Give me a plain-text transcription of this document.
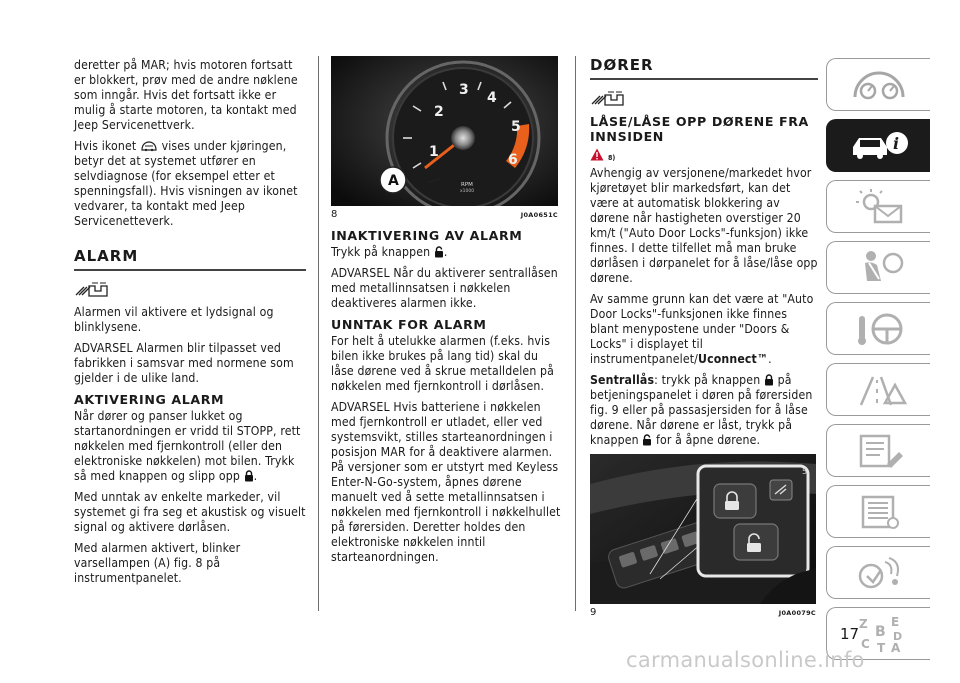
deretter på MAR; hvis motoren fortsatt er blokkert, prøv med de andre nøklene som inngår. Hvis det fortsatt ikke er mulig å starte motoren, ta kontakt med Jeep Servicenettverk.

Hvis ikonet vises under kjøringen, betyr det at systemet utfører en selvdiagnose (for eksempel etter et spenningsfall). Hvis visningen av ikonet vedvarer, ta kontakt med Jeep Servicenetteverk.

ALARM

Alarmen vil aktivere et lydsignal og blinklysene.

ADVARSEL Alarmen blir tilpasset ved fabrikken i samsvar med normene som gjelder i de ulike land.

AKTIVERING ALARM

Når dører og panser lukket og startanordningen er vridd til STOPP, rett nøkkelen med fjernkontroll (eller den elektroniske nøkkelen) mot bilen. Trykk så med knappen og slipp opp .

Med unntak av enkelte markeder, vil systemet gi fra seg et akustisk og visuelt signal og aktivere dørlåsen.

Med alarmen aktivert, blinker varsellampen (A) fig. 8 på instrumentpanelet.

1
2
3 4
5
6
RPM
x1000
A
8	J0A0651C
INAKTIVERING AV ALARM

Trykk på knappen .

ADVARSEL Når du aktiverer sentrallåsen med metallinnsatsen i nøkkelen deaktiveres alarmen ikke.

UNNTAK FOR ALARM

For helt å utelukke alarmen (f.eks. hvis bilen ikke brukes på lang tid) skal du låse dørene ved å skrue metalldelen på nøkkelen med fjernkontroll i dørlåsen.

ADVARSEL Hvis batteriene i nøkkelen med fjernkontroll er utladet, eller ved systemsvikt, stilles starteanordningen i posisjon MAR for å deaktivere alarmen. På versjoner som er utstyrt med Keyless Enter-N-Go-system, åpnes dørene manuelt ved å sette metallinnsatsen i nøkkelen med fjernkontroll i nøkkelhullet på førersiden. Deretter holdes den elektroniske nøkkelen inntil starteanordningen.

DØRER
LÅSE/LÅSE OPP DØRENE FRA INNSIDEN
8)

Avhengig av versjonene/markedet hvor kjøretøyet blir markedsført, kan det være at automatisk blokkering av dørene når hastigheten overstiger 20 km/t ("Auto Door Locks"-funksjon) ikke finnes. I dette tilfellet må man bruke dørlåsen i dørpanelet for å låse/låse opp dørene.

Av samme grunn kan det være at "Auto Door Locks"-funksjonen ikke finnes blant menypostene under "Doors & Locks" i displayet til instrumentpanelet/Uconnect™.

Sentrallås: trykk på knappen på betjeningspanelet i døren på førersiden fig. 9 eller på passasjersiden for å låse dørene. Når dørene er låst, trykk på knappen for å åpne dørene.

5
9	J0A0079C
i
Z E
B D
C T A
17
carmanualsonline.info
